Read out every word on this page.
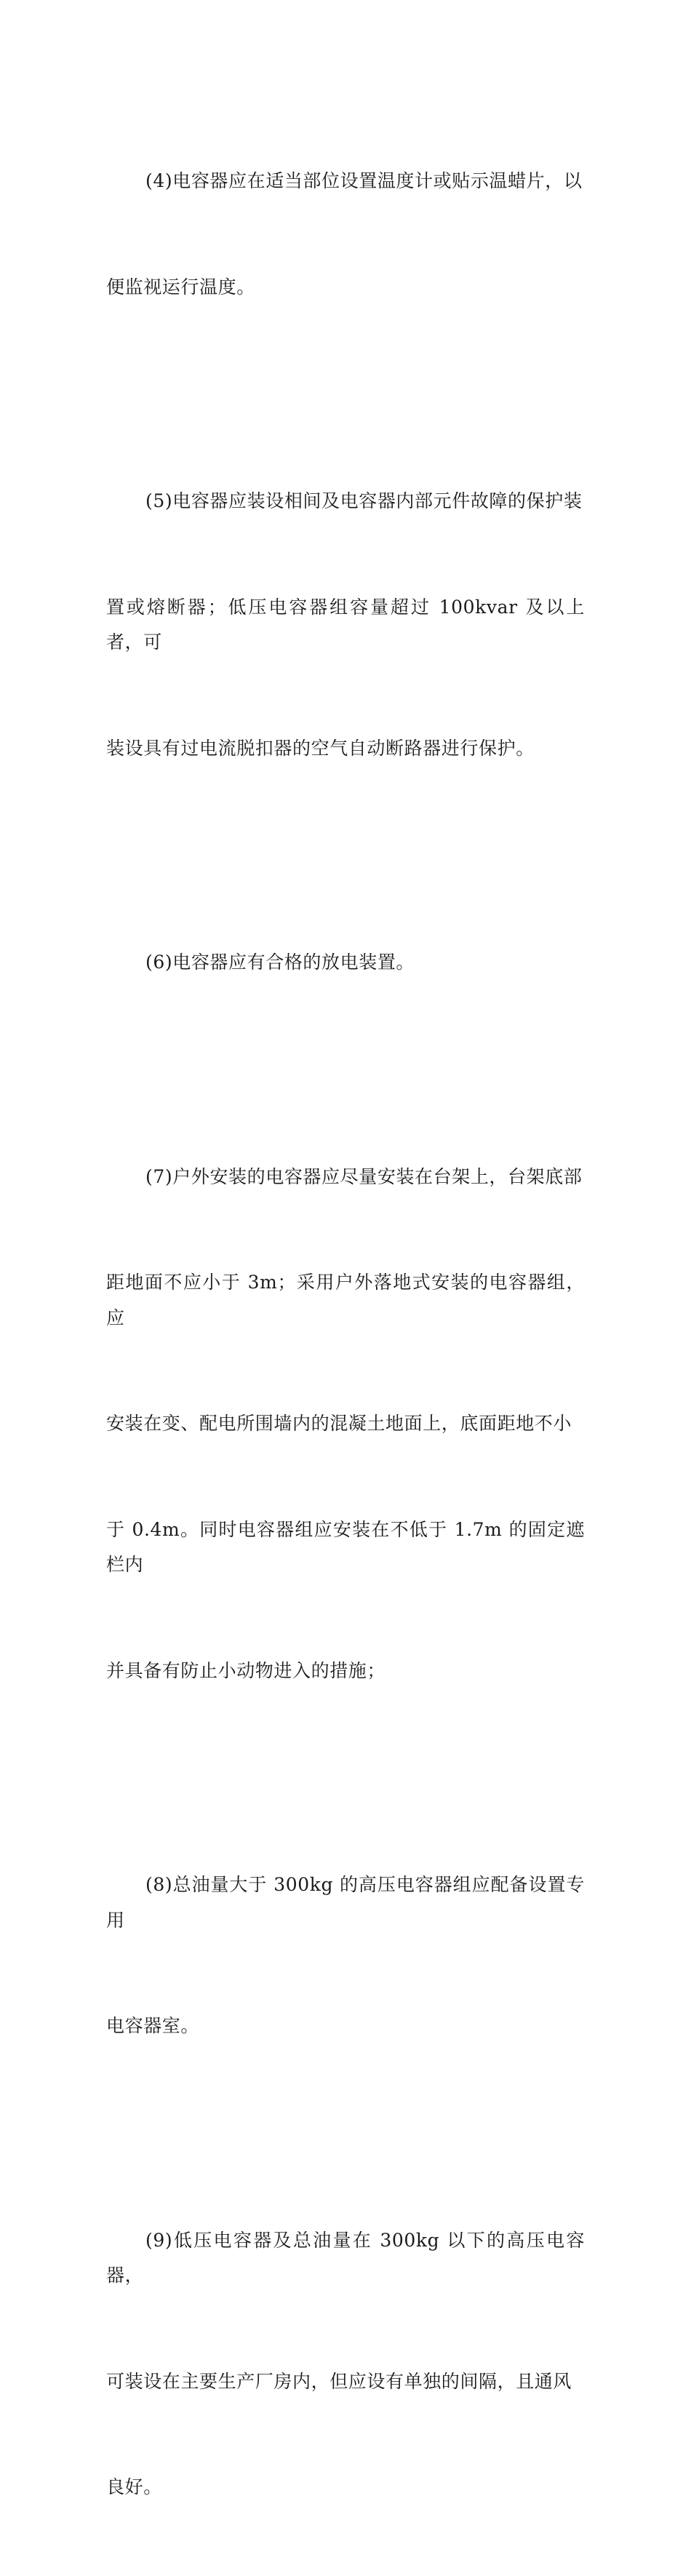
(4)电容器应在适当部位设置温度计或贴示温蜡片，以

便监视运行温度。

(5)电容器应装设相间及电容器内部元件故障的保护装

置或熔断器；低压电容器组容量超过 100kvar 及以上者，可

装设具有过电流脱扣器的空气自动断路器进行保护。

(6)电容器应有合格的放电装置。

(7)户外安装的电容器应尽量安装在台架上，台架底部

距地面不应小于 3m；采用户外落地式安装的电容器组，应

安装在变、配电所围墙内的混凝土地面上，底面距地不小

于 0.4m。同时电容器组应安装在不低于 1.7m 的固定遮栏内

并具备有防止小动物进入的措施；

(8)总油量大于 300kg 的高压电容器组应配备设置专用

电容器室。

(9)低压电容器及总油量在 300kg 以下的高压电容器，

可装设在主要生产厂房内，但应设有单独的间隔，且通风

良好。
